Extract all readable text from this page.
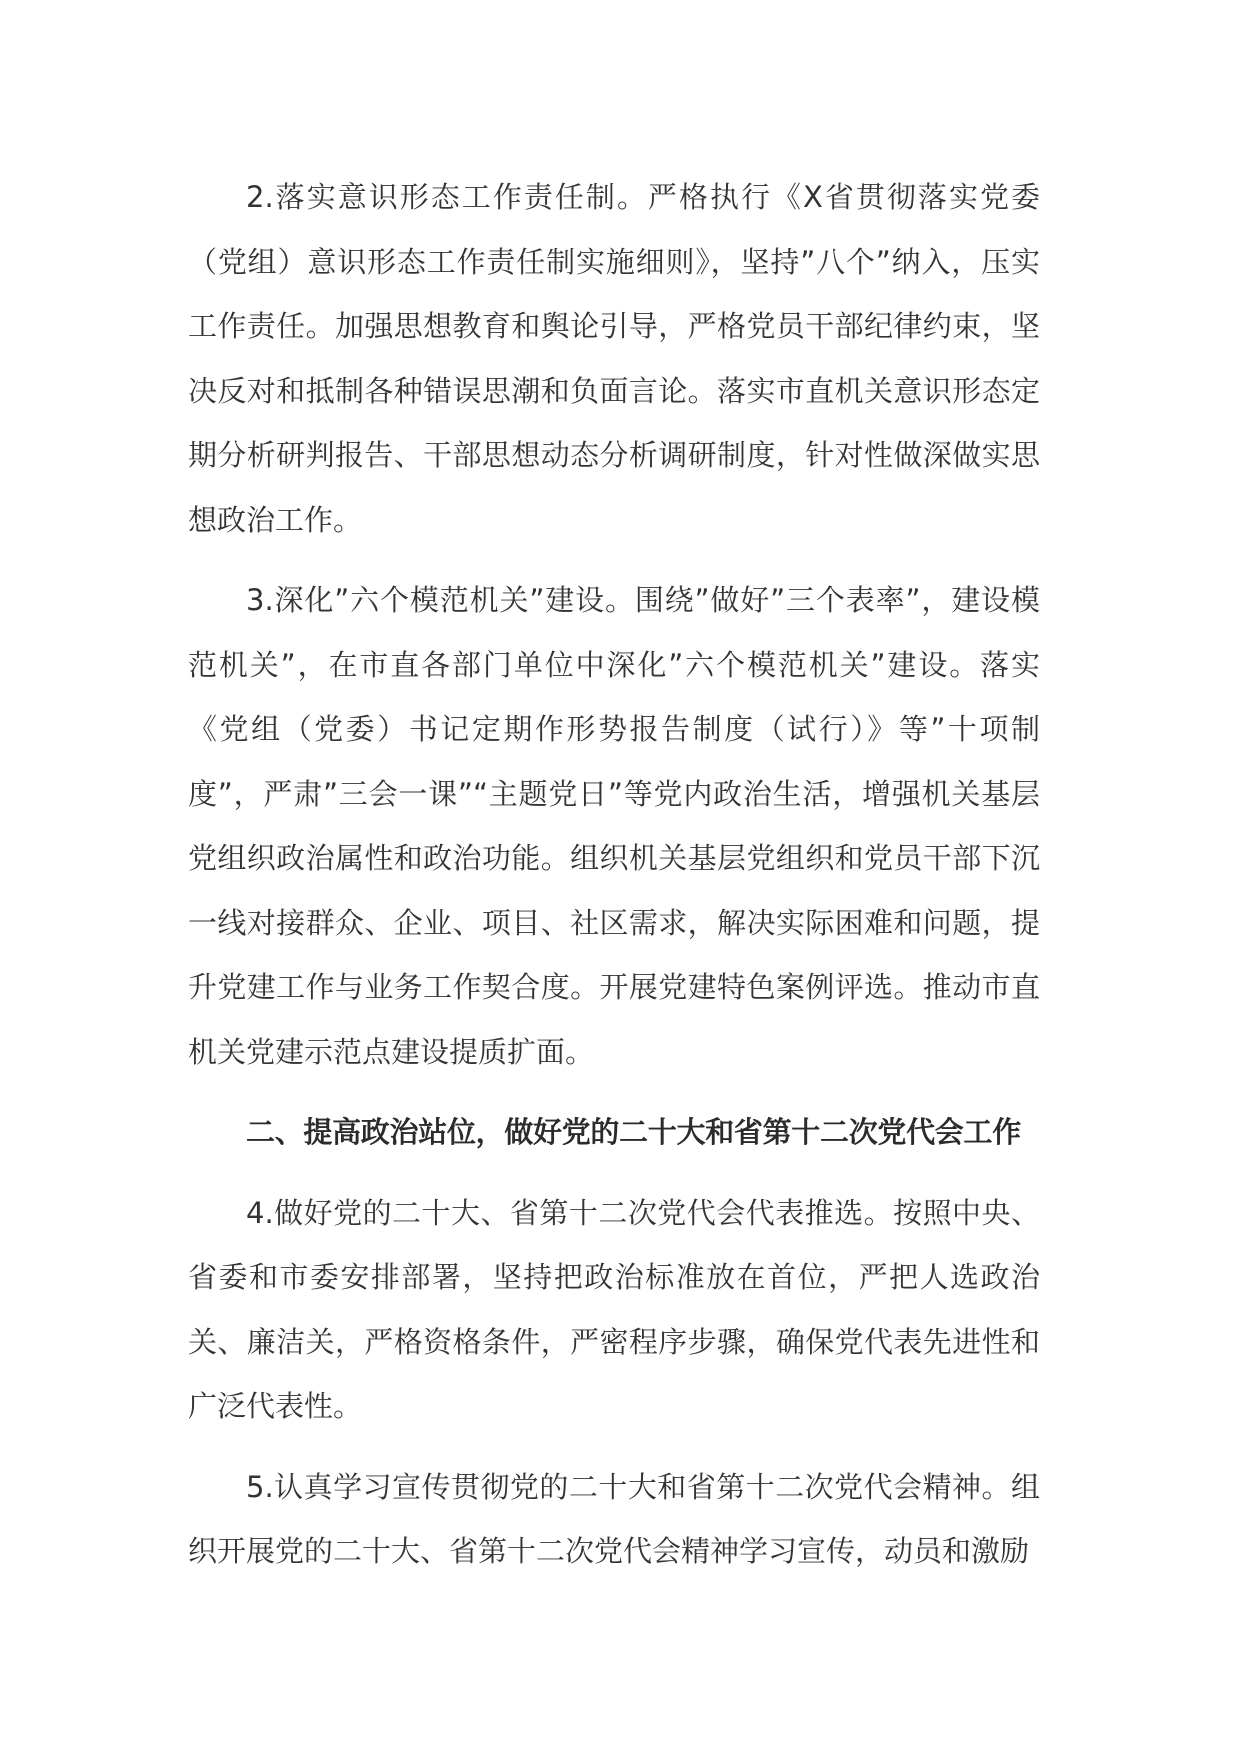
2.落实意识形态工作责任制。严格执行《X省贯彻落实党委（党组）意识形态工作责任制实施细则》，坚持”八个”纳入，压实工作责任。加强思想教育和舆论引导，严格党员干部纪律约束，坚决反对和抵制各种错误思潮和负面言论。落实市直机关意识形态定期分析研判报告、干部思想动态分析调研制度，针对性做深做实思想政治工作。

3.深化”六个模范机关”建设。围绕”做好”三个表率”，建设模范机关”，在市直各部门单位中深化”六个模范机关”建设。落实《党组（党委）书记定期作形势报告制度（试行）》等”十项制度”，严肃”三会一课”“主题党日”等党内政治生活，增强机关基层党组织政治属性和政治功能。组织机关基层党组织和党员干部下沉一线对接群众、企业、项目、社区需求，解决实际困难和问题，提升党建工作与业务工作契合度。开展党建特色案例评选。推动市直机关党建示范点建设提质扩面。

二、提高政治站位，做好党的二十大和省第十二次党代会工作

4.做好党的二十大、省第十二次党代会代表推选。按照中央、省委和市委安排部署，坚持把政治标准放在首位，严把人选政治关、廉洁关，严格资格条件，严密程序步骤，确保党代表先进性和广泛代表性。

5.认真学习宣传贯彻党的二十大和省第十二次党代会精神。组织开展党的二十大、省第十二次党代会精神学习宣传，动员和激励
